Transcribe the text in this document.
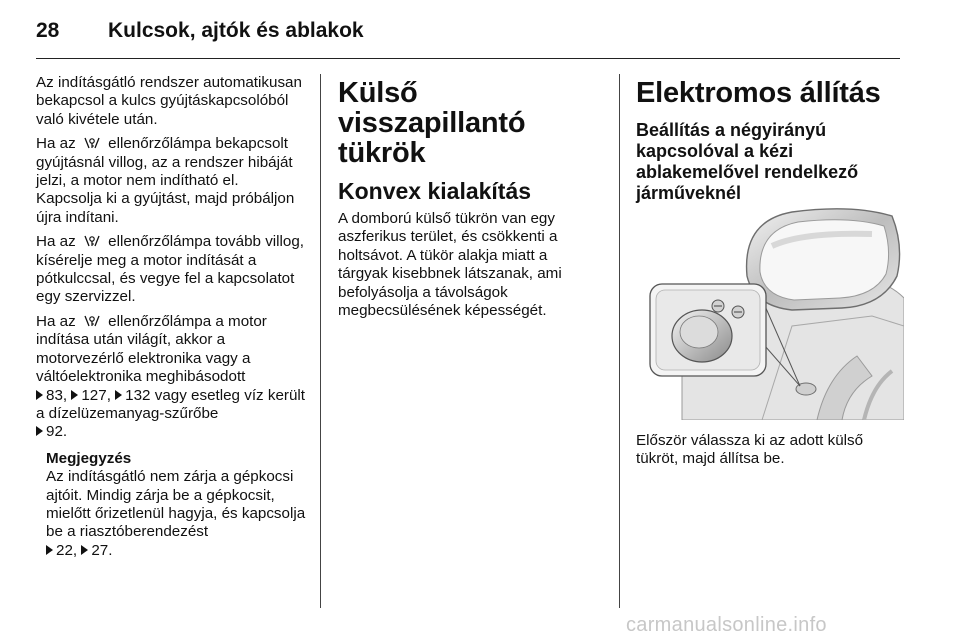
28	Kulcsok, ajtók és ablakok

Az indításgátló rendszer automatikusan bekapcsol a kulcs gyújtáskapcsolóból való kivétele után.

Ha az ellenőrzőlámpa bekapcsolt gyújtásnál villog, az a rendszer hibáját jelzi, a motor nem indítható el. Kapcsolja ki a gyújtást, majd próbáljon újra indítani.

Ha az ellenőrzőlámpa tovább villog, kísérelje meg a motor indítását a pótkulccsal, és vegye fel a kapcsolatot egy szervizzel.

Ha az ellenőrzőlámpa a motor indítása után világít, akkor a motorvezérlő elektronika vagy a váltóelektronika meghibásodott
83, 127, 132 vagy esetleg víz került a dízelüzemanyag-szűrőbe
92.

Megjegyzés
Az indításgátló nem zárja a gépkocsi ajtóit. Mindig zárja be a gépkocsit, mielőtt őrizetlenül hagyja, és kapcsolja be a riasztóberendezést
22, 27.
Külső visszapillantó tükrök
Konvex kialakítás

A domború külső tükrön van egy aszferikus terület, és csökkenti a holtsávot. A tükör alakja miatt a tárgyak kisebbnek látszanak, ami befolyásolja a távolságok megbecsülésének képességét.

Elektromos állítás
Beállítás a négyirányú kapcsolóval a kézi ablakemelővel rendelkező járműveknél

Először válassza ki az adott külső tükröt, majd állítsa be.

carmanualsonline.info
